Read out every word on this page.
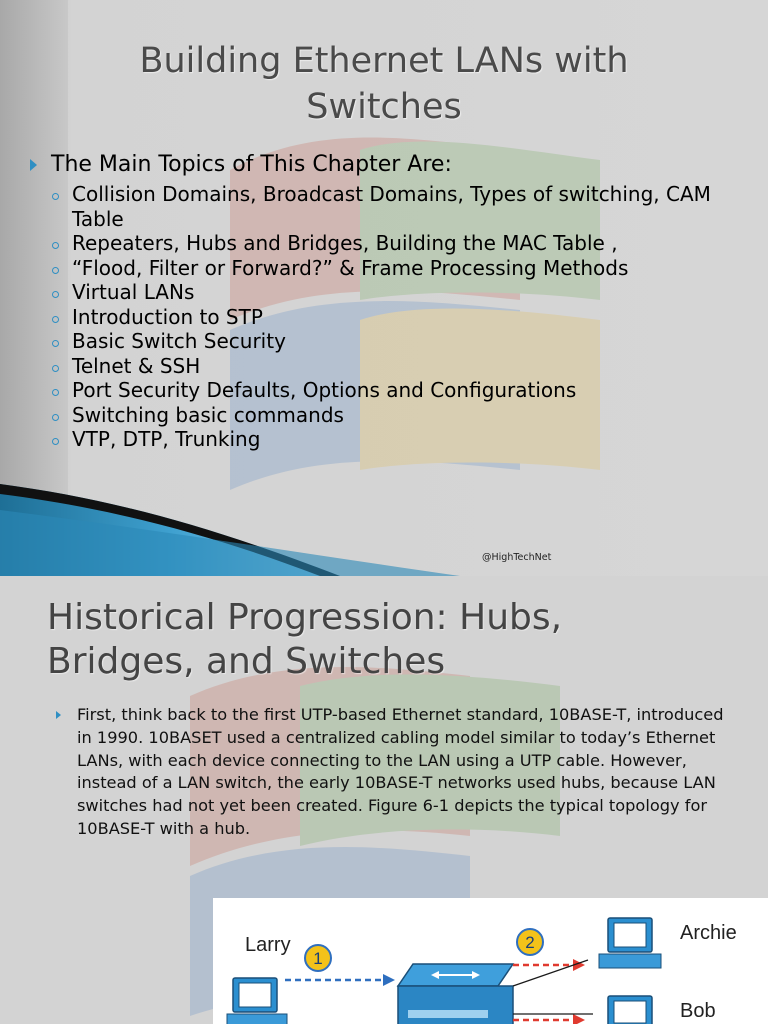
Building Ethernet LANs with
Switches
The Main Topics of This Chapter Are:
Collision Domains, Broadcast Domains, Types of switching, CAM Table
Repeaters, Hubs and Bridges, Building the MAC Table ,
“Flood, Filter or Forward?” & Frame Processing Methods
Virtual LANs
Introduction to STP
Basic Switch Security
Telnet & SSH
Port Security Defaults, Options and Configurations
Switching basic commands
VTP, DTP, Trunking
@HighTechNet
Historical Progression: Hubs,
Bridges, and Switches

First, think back to the first UTP-based Ethernet standard, 10BASE-T, introduced in 1990. 10BASET used a centralized cabling model similar to today’s Ethernet LANs, with each device connecting to the LAN using a UTP cable. However, instead of a LAN switch, the early 10BASE-T networks used hubs, because LAN switches had not yet been created. Figure 6-1 depicts the typical topology for 10BASE-T with a hub.

1
2
Larry
Archie
Bob
